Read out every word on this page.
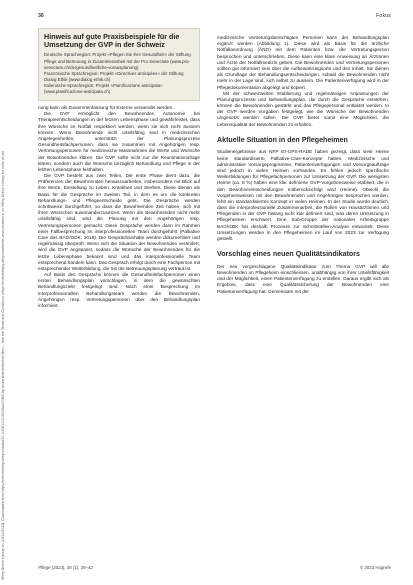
Wiley Online Library on [13/12/2022]. Downloaded from https://onlinelibrary.wiley.com/doi/10.1024/1012-5302/a000963 by Universitätsbibliothek Bern - See the Terms and Conditions (https://onlinelibrary.wiley.com/terms-and-conditions) on Wiley Online Library for rules of use
36	Fokus
Hinweis auf gute Praxisbeispiele für die Umsetzung der GVP in der Schweiz

Deutsche Sprachregion: Projekt «Pflegen Sie Ihre Gesundheit» der Stiftung Pflege und Betreuung in Zusammenarbeit mit der Pro Senectute (www.pro-senectute.ch/de/gesundheitliche-vorausplanung)

Französische Sprachregion: Projekt «Directives anticipées» der Stiftung Dialog Ethik (www.dialog-ethik.ch)

Italienische Sprachregion: Projekt «Pianificazione anticipata» (www.pianificazione-anticipata.ch)

nung kann als Zusammenfassung für Externe verwendet werden.

Die GVP ermöglicht den Bewohnenden Autonomie bei Therapieentscheidungen in der letzten Lebensphase und gewährleistet, dass ihre Wünsche im Notfall respektiert werden, wenn sie sich nicht äussern können. Wenn Bewohnende nicht urteilsfähig sind in medizinischen Angelegenheiten, unterstützt der Planungsprozess Gesundheitsfachpersonen, dass sie zusammen mit Angehörigen resp. Vertretungspersonen für medizinische Massnahmen die Werte und Wünsche der Bewohnenden klären. Die GVP sollte nicht nur die Reanimationsfrage klären, sondern auch die Wünsche bezüglich Behandlung und Pflege in der letzten Lebensphase festhalten.

Die GVP besteht aus zwei Teilen. Die erste Phase dient dazu, die Präferenzen der Bewohnenden herauszuarbeiten, insbesondere mit Blick auf ihre Werte, Einstellung zu Leben, Krankheit und Sterben. Diese dienen als Basis für die Gespräche im zweiten Teil, in dem es um die konkreten Behandlungs- und Pflegeentscheide geht. Die Gespräche werden schrittweise durchgeführt, so dass die Bewohnenden Zeit haben, sich mit ihren Wünschen auseinanderzusetzen. Wenn die Bewohnenden nicht mehr urteilsfähig sind, wird die Planung mit den Angehörigen resp. Vertretungspersonen gemacht. Diese Gespräche werden dann im Rahmen einer Fallbesprechung im interprofessionellen Team durchgeführt (Palliative Care des BAG/GDK, 2018). Die Gesprächsinhalte werden dokumentiert und regelmässig überprüft. Wenn sich die Situation der Bewohnenden verändert, wird die GVP angepasst, sodass die Wünsche der Bewohnenden für die letzte Lebensphase bekannt sind und das interprofessionelle Team entsprechend handeln kann. Das Gespräch erfolgt durch eine Fachperson mit entsprechender Weiterbildung, die mit der Betreuungsplanung vertraut ist.

Auf Basis des Gesprächs können die Gesundheitsfachpersonen einen ersten Behandlungsplan vorschlagen, in dem die gewünschten Behandlungsziele festgelegt sind. Nach einer Besprechung im interprofessionellen Behandlungsteam werden die Bewohnenden, Angehörigen resp. Vertretungspersonen über den Behandlungsplan informiert.

medizinische Vertretungsberechtigten Personen kann der Behandlungsplan ergänzt werden (Abbildung 1). Diese wird als Basis für die ärztliche Notfallanordnung (ÄNO) mit dem Patienten bzw. der Vertretungsperson besprochen und unterschrieben. Diese kann eine klare Anweisung an Ärztinnen und Ärzte der Notfallmedizin geben. Die Bewohnenden und Vertretungspersonen sollten gut informiert sein über die Aufbewahrungsorte und den Inhalt. Sie dienen als Grundlage der Behandlungsentscheidungen, sobald die Bewohnenden nicht mehr in der Lage sind, sich selbst zu äussern. Die Patientenverfügung wird in der Pflegedokumentation abgelegt und kopiert.

Mit der schweizweiten Etablierung und regelmässigen Anpassungen der Planungsprozesse und Behandlungsplan, die durch die Gespräche entstehen, können die Bewohnenden gestärkt und das Pflegepersonal entlastet werden. In der GVP werden Vorgaben festgelegt, wie die Wünsche der Bewohnenden umgesetzt werden sollen. Die GVP bietet somit eine Möglichkeit, die Lebensqualität der Bewohnenden zu erhalten.

Aktuelle Situation in den Pflegeheimen

Studienergebnisse aus NFP 67-UPS-RADE haben gezeigt, dass viele Heime keine standardisierte Palliative-Care-Konzepte haben. Medizinische und administrative Vorsorgeprogramme, Patientenverfügungen und Vorsorgeaufträge sind jedoch in vielen Heimen vorhanden. Es fehlen jedoch spezifische Weiterbildungen für Pflegefachpersonen zur Umsetzung der GVP. Die wenigsten Heime (ca. 8 %) haben eine klar definierte GVP-Vorgehensweise etabliert, die in den Bewohnerentscheidungen mitberücksichtigt wird (Heime). Obwohl die Vorgehensweisen mit den Bewohnenden und Angehörigen besprochen werden, fehlt ein standardisiertes Konzept in vielen Heimen. In der Studie wurde deutlich, dass die interprofessionelle Zusammenarbeit, die Rollen von Hausärztinnen und Pflegenden in der GVP bislang nicht klar definiert sind, was deren Umsetzung in Pflegeheimen erschwert. Eine Sub-Gruppe der nationalen Arbeitsgruppe BAG/GDK hat deshalb Prozesse zur Schnittstellen-Analyse entwickelt. Diese Umsetzungen werden in den Pflegeheimen im Lauf von 2023 zur Verfügung gestellt.

Vorschlag eines neuen Qualitätsindikators

Der neu vorgeschlagene Qualitätsindikator zum Thema GVP will alle Bewohnenden im Pflegeheim einschliessen, unabhängig von ihrer Urteilsfähigkeit und der Möglichkeit, einen Patientenverfügung zu erstellen. Daraus ergibt sich als Ergebnis, dass eine Qualitätssicherung der Bewohnenden eine Patientenverfügung hat. Gemeinsam mit der

Pflege (2023), 36 (1), 35–42	© 2023 Hogrefe
